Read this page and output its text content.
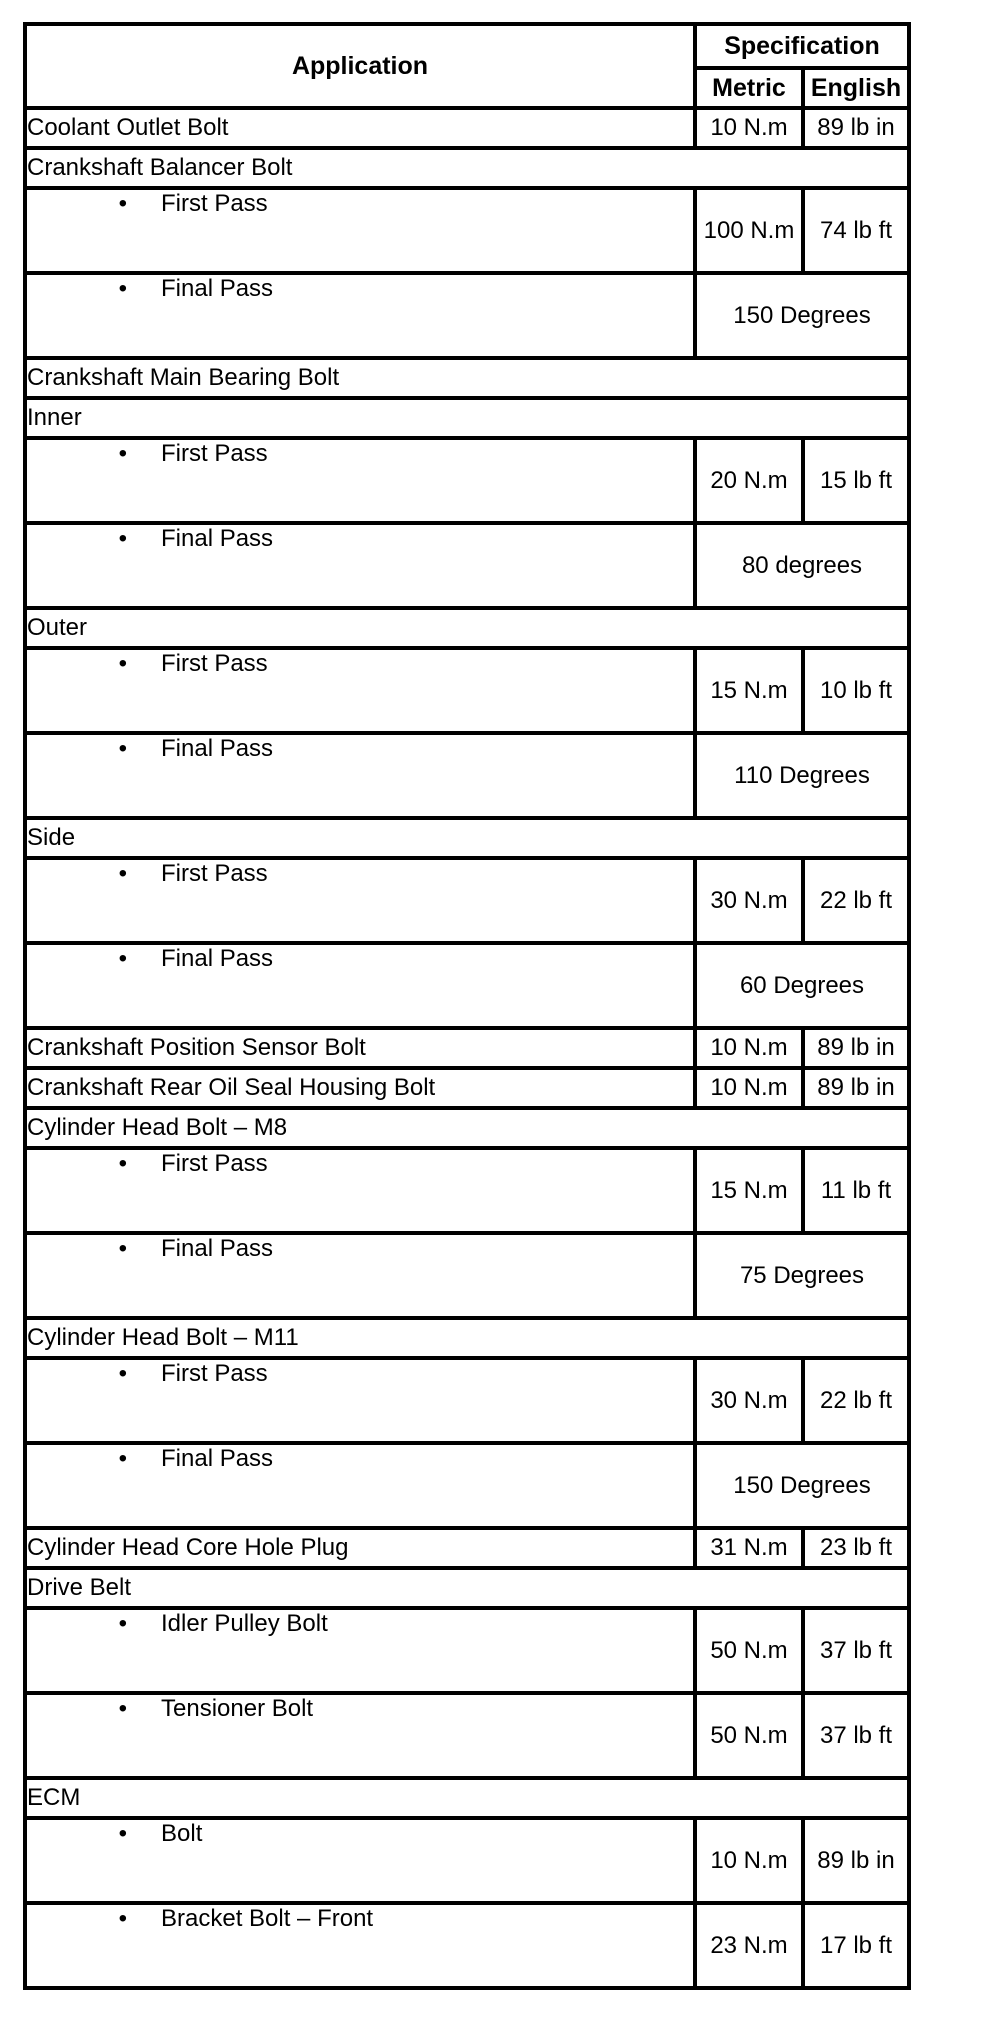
Application	Specification	
	Metric	English
Coolant Outlet Bolt	10 N.m	89 lb in
Crankshaft Balancer Bolt		
• First Pass	100 N.m	74 lb ft
• Final Pass	150 Degrees	
Crankshaft Main Bearing Bolt		
Inner		
• First Pass	20 N.m	15 lb ft
• Final Pass	80 degrees	
Outer		
• First Pass	15 N.m	10 lb ft
• Final Pass	110 Degrees	
Side		
• First Pass	30 N.m	22 lb ft
• Final Pass	60 Degrees	
Crankshaft Position Sensor Bolt	10 N.m	89 lb in
Crankshaft Rear Oil Seal Housing Bolt	10 N.m	89 lb in
Cylinder Head Bolt – M8		
• First Pass	15 N.m	11 lb ft
• Final Pass	75 Degrees	
Cylinder Head Bolt – M11		
• First Pass	30 N.m	22 lb ft
• Final Pass	150 Degrees	
Cylinder Head Core Hole Plug	31 N.m	23 lb ft
Drive Belt		
• Idler Pulley Bolt	50 N.m	37 lb ft
• Tensioner Bolt	50 N.m	37 lb ft
ECM		
• Bolt	10 N.m	89 lb in
• Bracket Bolt – Front	23 N.m	17 lb ft
